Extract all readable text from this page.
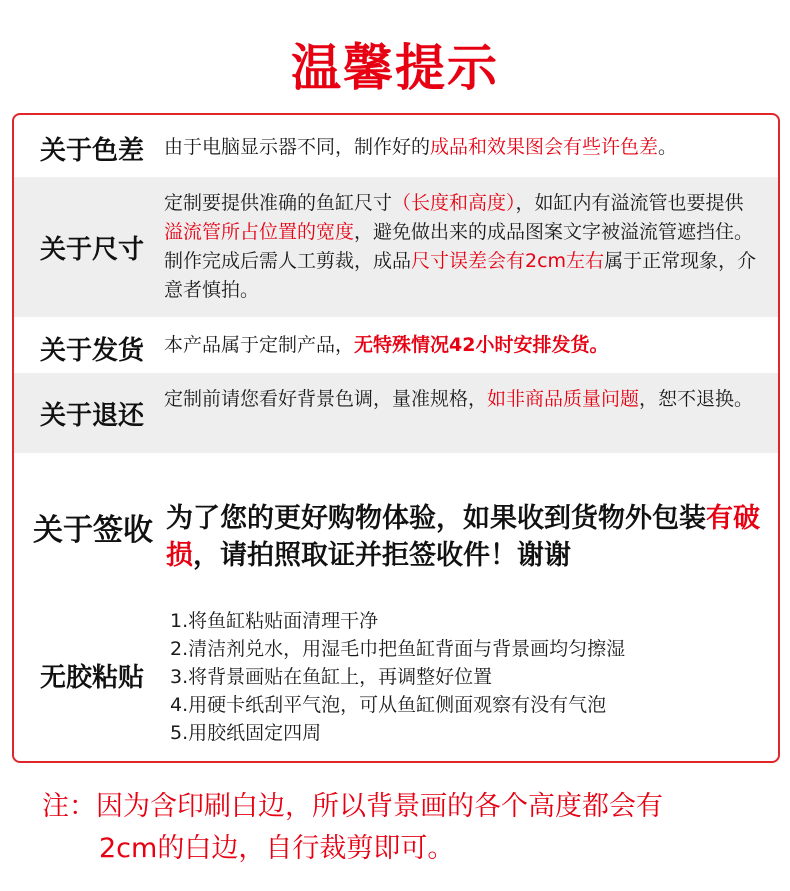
温馨提示
关于色差	由于电脑显示器不同，制作好的成品和效果图会有些许色差。
关于尺寸
定制要提供准确的鱼缸尺寸（长度和高度），如缸内有溢流管也要提供溢流管所占位置的宽度，避免做出来的成品图案文字被溢流管遮挡住。制作完成后需人工剪裁，成品尺寸误差会有2cm左右属于正常现象，介意者慎拍。
关于发货	本产品属于定制产品，无特殊情况42小时安排发货。
关于退还
定制前请您看好背景色调，量准规格，如非商品质量问题，恕不退换。
关于签收 为了您的更好购物体验，如果收到货物外包装有破损，请拍照取证并拒签收件！谢谢
无胶粘贴
1.将鱼缸粘贴面清理干净
2.清洁剂兑水，用湿毛巾把鱼缸背面与背景画均匀擦湿
3.将背景画贴在鱼缸上，再调整好位置
4.用硬卡纸刮平气泡，可从鱼缸侧面观察有没有气泡
5.用胶纸固定四周
注：因为含印刷白边，所以背景画的各个高度都会有
2cm的白边，自行裁剪即可。
